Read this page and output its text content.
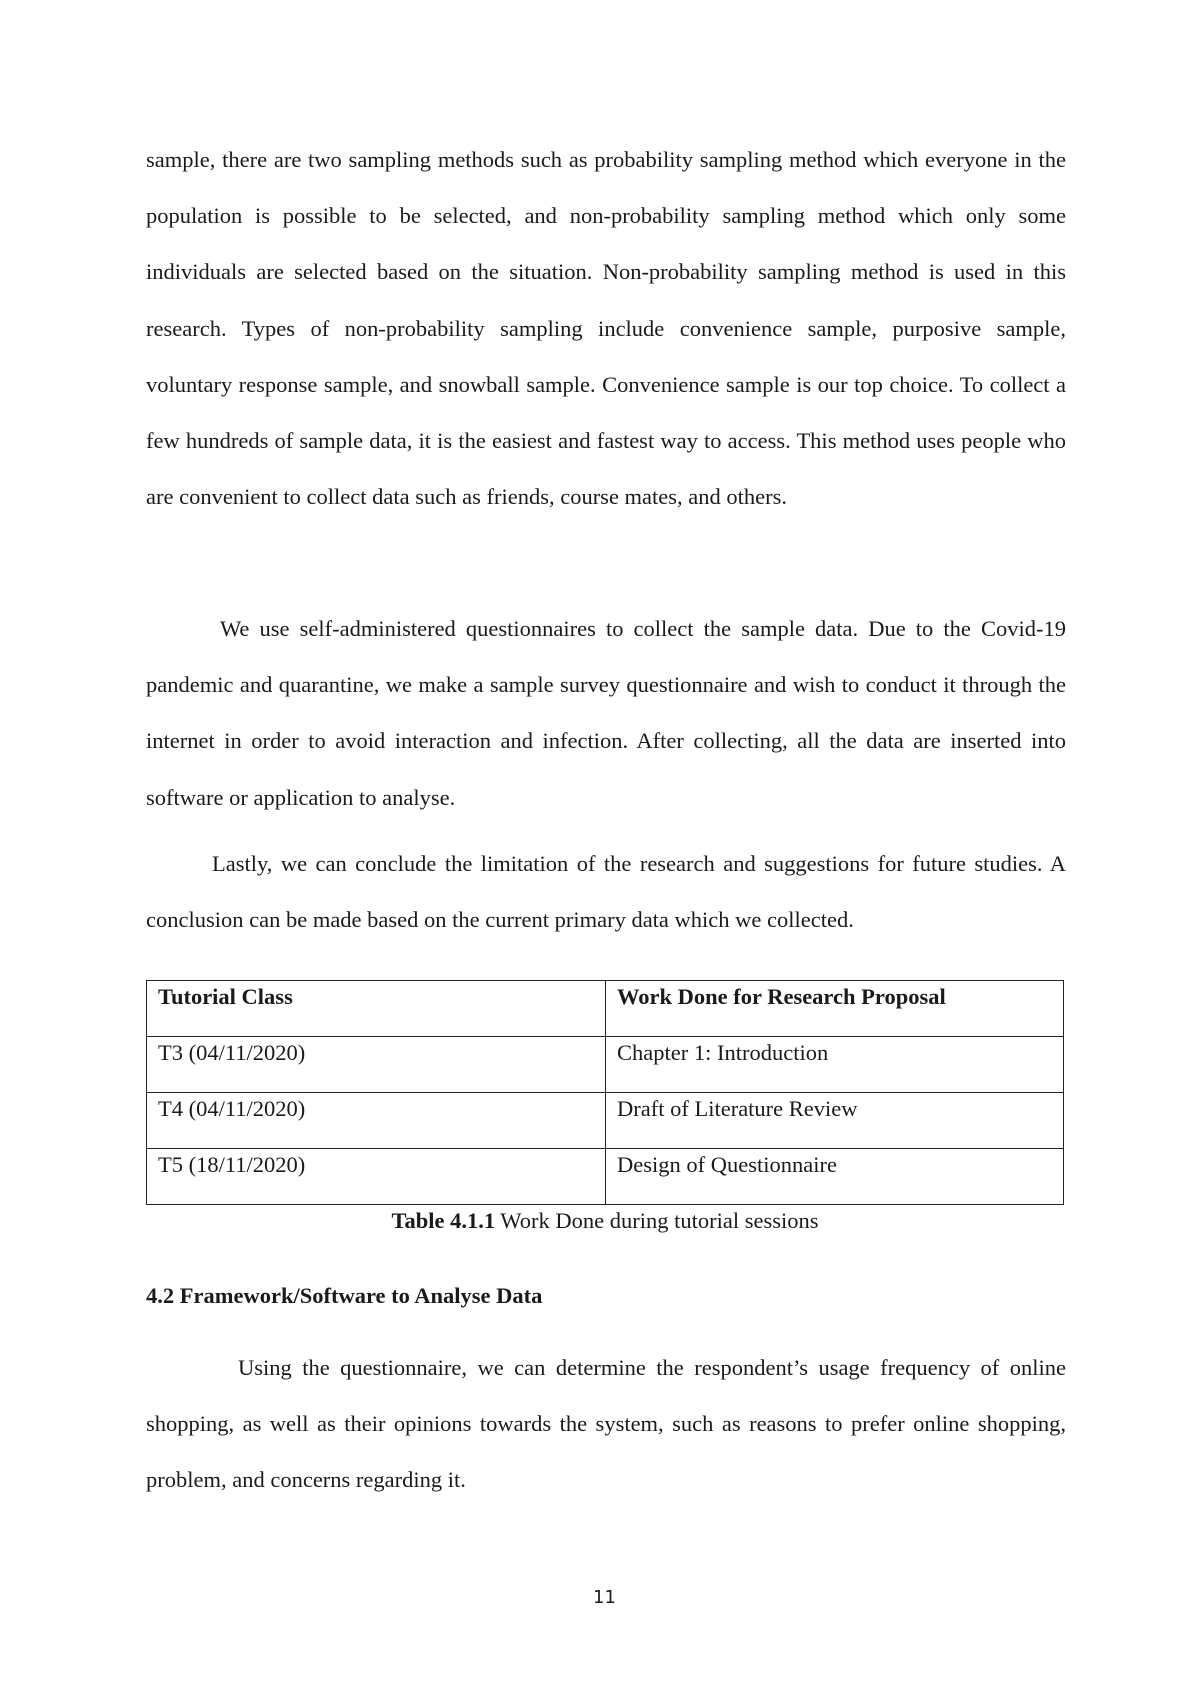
sample, there are two sampling methods such as probability sampling method which everyone in the population is possible to be selected, and non-probability sampling method which only some individuals are selected based on the situation. Non-probability sampling method is used in this research. Types of non-probability sampling include convenience sample, purposive sample, voluntary response sample, and snowball sample. Convenience sample is our top choice. To collect a few hundreds of sample data, it is the easiest and fastest way to access. This method uses people who are convenient to collect data such as friends, course mates, and others.

We use self-administered questionnaires to collect the sample data. Due to the Covid-19 pandemic and quarantine, we make a sample survey questionnaire and wish to conduct it through the internet in order to avoid interaction and infection. After collecting, all the data are inserted into software or application to analyse.

Lastly, we can conclude the limitation of the research and suggestions for future studies. A conclusion can be made based on the current primary data which we collected.

Tutorial Class	Work Done for Research Proposal
T3 (04/11/2020)	Chapter 1: Introduction
T4 (04/11/2020)	Draft of Literature Review
T5 (18/11/2020)	Design of Questionnaire
Table 4.1.1 Work Done during tutorial sessions
4.2 Framework/Software to Analyse Data

Using the questionnaire, we can determine the respondent’s usage frequency of online shopping, as well as their opinions towards the system, such as reasons to prefer online shopping, problem, and concerns regarding it.

11
